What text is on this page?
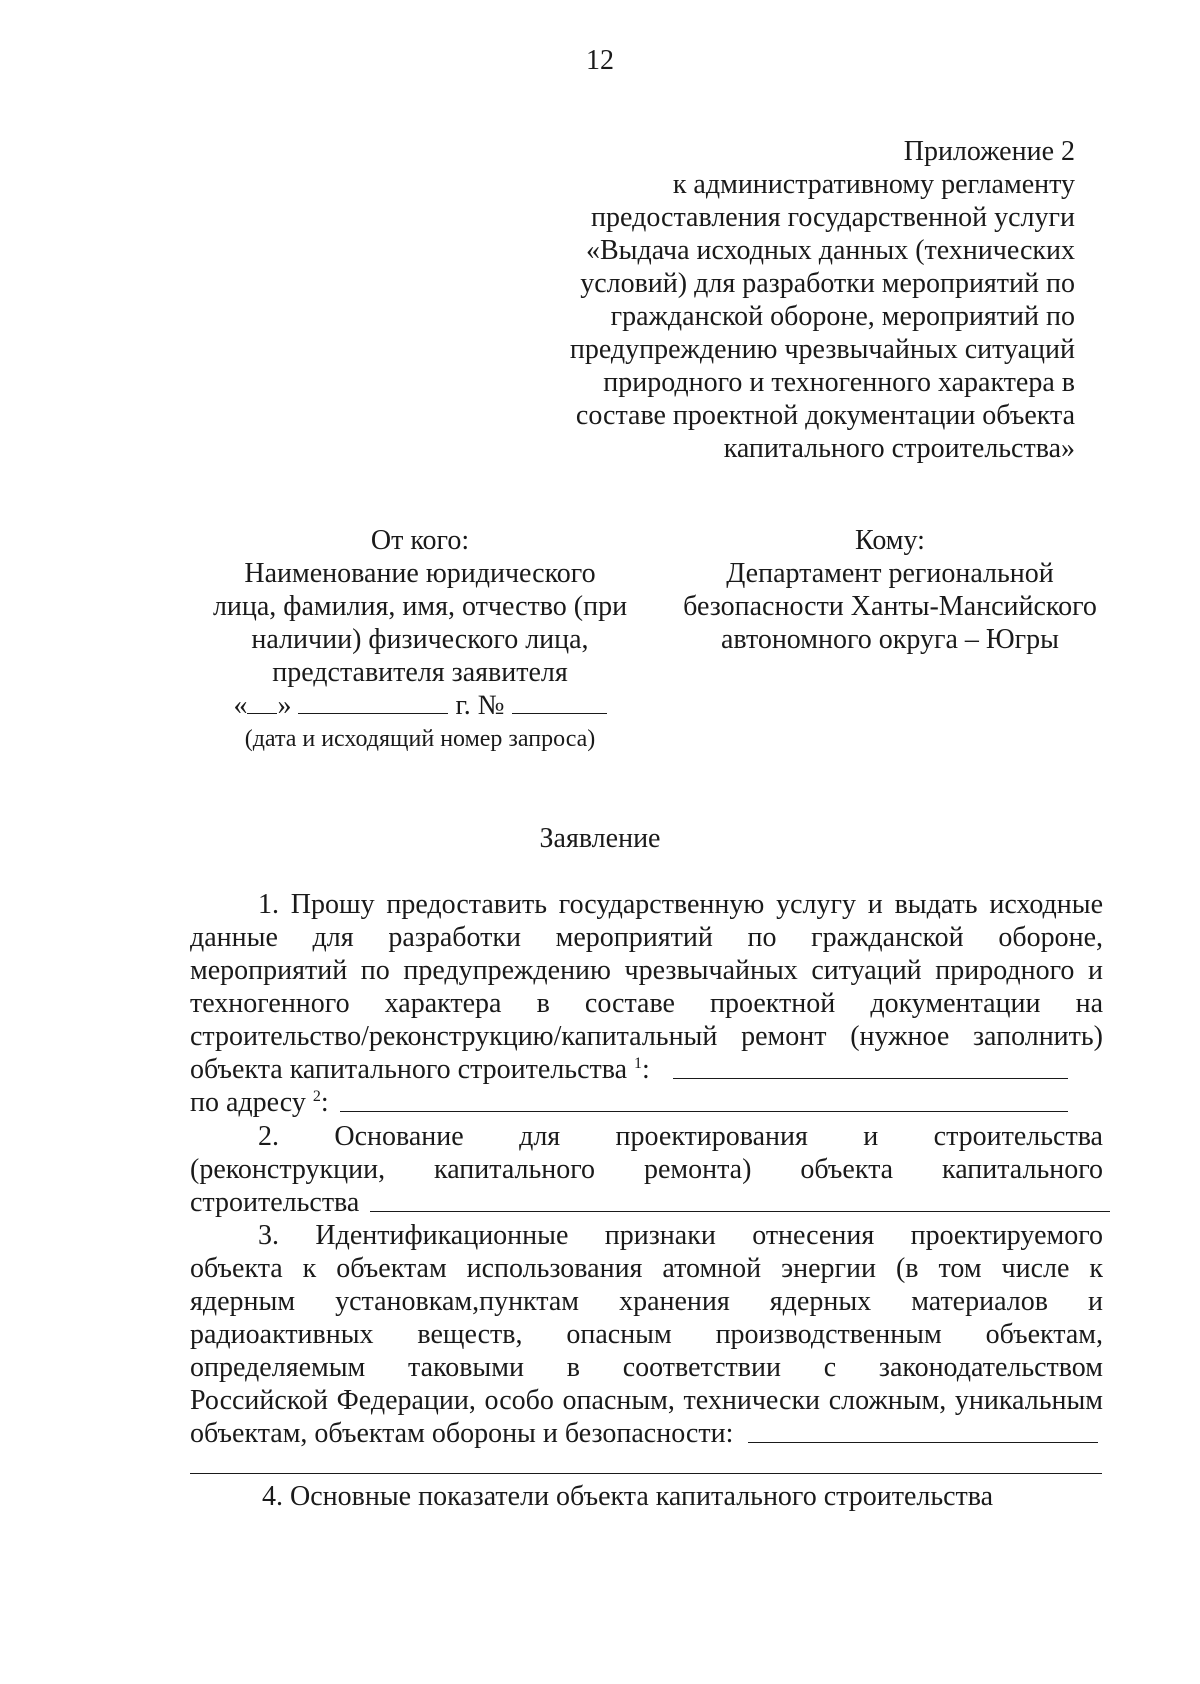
12
Приложение 2
к административному регламенту
предоставления государственной услуги
«Выдача исходных данных (технических
условий) для разработки мероприятий по
гражданской обороне, мероприятий по
предупреждению чрезвычайных ситуаций
природного и техногенного характера в
составе проектной документации объекта
капитального строительства»
От кого:
Наименование юридического
лица, фамилия, имя, отчество (при
наличии) физического лица,
представителя заявителя
« »	г. №
(дата и исходящий номер запроса)
Кому:
Департамент региональной
безопасности Ханты-Мансийского
автономного округа – Югры
Заявление
1. Прошу предоставить государственную услугу и выдать исходные
данные для разработки мероприятий по гражданской обороне,
мероприятий по предупреждению чрезвычайных ситуаций природного и
техногенного характера в составе проектной документации на
строительство/реконструкцию/капитальный ремонт (нужное заполнить)
объекта капитального строительства $^1$:
по адресу $^2$:
2. Основание для проектирования и строительства
(реконструкции, капитального ремонта) объекта капитального
строительства
3. Идентификационные признаки отнесения проектируемого
объекта к объектам использования атомной энергии (в том числе к
ядерным установкам,пунктам хранения ядерных материалов и
радиоактивных веществ, опасным производственным объектам,
определяемым таковыми в соответствии с законодательством
Российской Федерации, особо опасным, технически сложным, уникальным
объектам, объектам обороны и безопасности:
4. Основные показатели объекта капитального строительства
